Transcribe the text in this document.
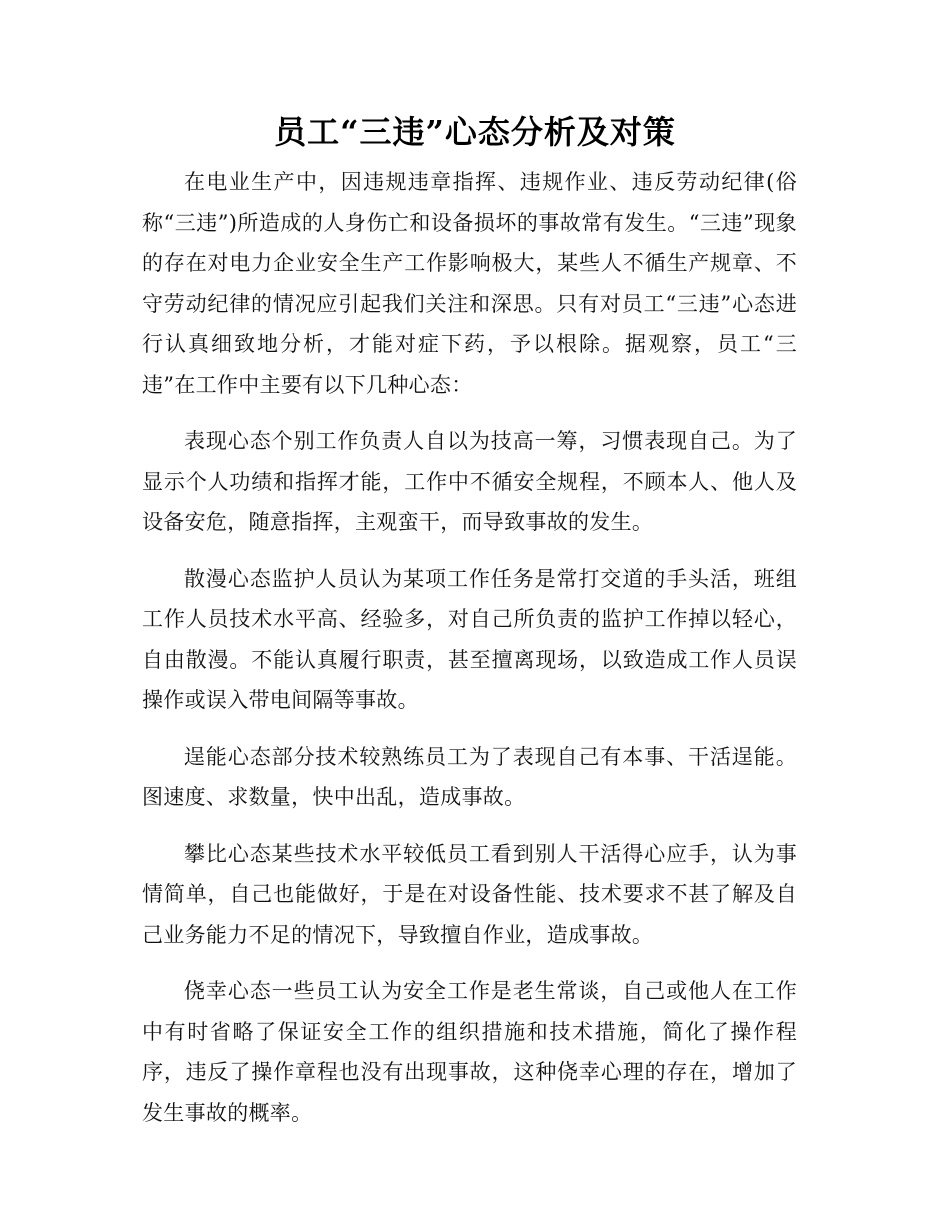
员工“三违”心态分析及对策

在电业生产中，因违规违章指挥、违规作业、违反劳动纪律(俗称“三违”)所造成的人身伤亡和设备损坏的事故常有发生。“三违”现象的存在对电力企业安全生产工作影响极大，某些人不循生产规章、不守劳动纪律的情况应引起我们关注和深思。只有对员工“三违”心态进行认真细致地分析，才能对症下药，予以根除。据观察，员工“三违”在工作中主要有以下几种心态：

表现心态个别工作负责人自以为技高一筹，习惯表现自己。为了显示个人功绩和指挥才能，工作中不循安全规程，不顾本人、他人及设备安危，随意指挥，主观蛮干，而导致事故的发生。

散漫心态监护人员认为某项工作任务是常打交道的手头活，班组工作人员技术水平高、经验多，对自己所负责的监护工作掉以轻心，自由散漫。不能认真履行职责，甚至擅离现场，以致造成工作人员误操作或误入带电间隔等事故。

逞能心态部分技术较熟练员工为了表现自己有本事、干活逞能。图速度、求数量，快中出乱，造成事故。

攀比心态某些技术水平较低员工看到别人干活得心应手，认为事情简单，自己也能做好，于是在对设备性能、技术要求不甚了解及自己业务能力不足的情况下，导致擅自作业，造成事故。

侥幸心态一些员工认为安全工作是老生常谈，自己或他人在工作中有时省略了保证安全工作的组织措施和技术措施，简化了操作程序，违反了操作章程也没有出现事故，这种侥幸心理的存在，增加了发生事故的概率。
